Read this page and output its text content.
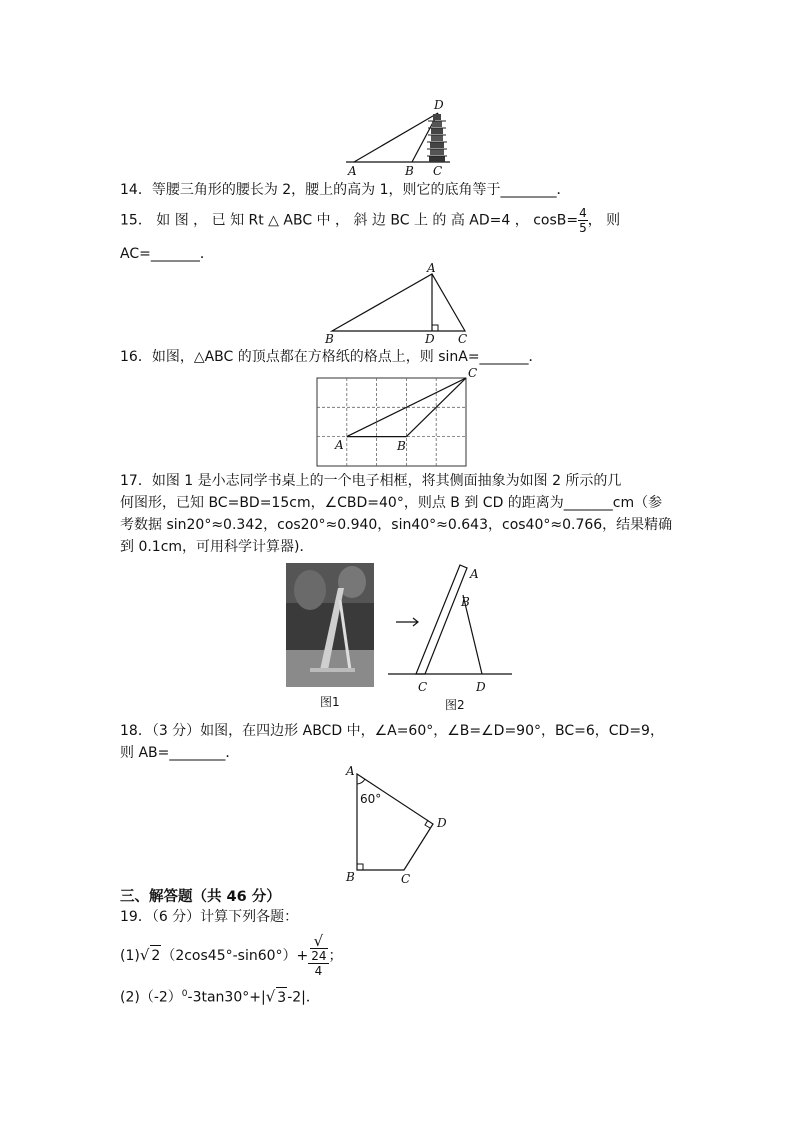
D
A	B C
14．等腰三角形的腰长为 2，腰上的高为 1，则它的底角等于________．
15． 如 图 ， 已 知 Rt △ ABC 中 ， 斜 边 BC 上 的 高 AD=4 ， $\cos B= \frac{4}{5}$ ， 则
AC=_______．
A
B	D C
16．如图，△ABC 的顶点都在方格纸的格点上，则 sinA=_______．
A	B
C
17．如图 1 是小志同学书桌上的一个电子相框，将其侧面抽象为如图 2 所示的几
何图形，已知 BC=BD=15cm，∠CBD=40°，则点 B 到 CD 的距离为_______cm（参
考数据 sin20°≈0.342，cos20°≈0.940，sin40°≈0.643，cos40°≈0.766，结果精确
到 0.1cm，可用科学计算器)．
A
B
C	D
图1	图2
18．（3 分）如图，在四边形 ABCD 中，∠A=60°，∠B=∠D=90°，BC=6，CD=9，
则 AB=________．
A
60°
D
B	C
三、解答题（共 46 分）
19．（6 分）计算下列各题：
(1)√ 2（2cos45°-sin60°）+ √
24
4 ；
$(2)(-2)^0-3\tan 30^\circ+|√$ 3-2|．
